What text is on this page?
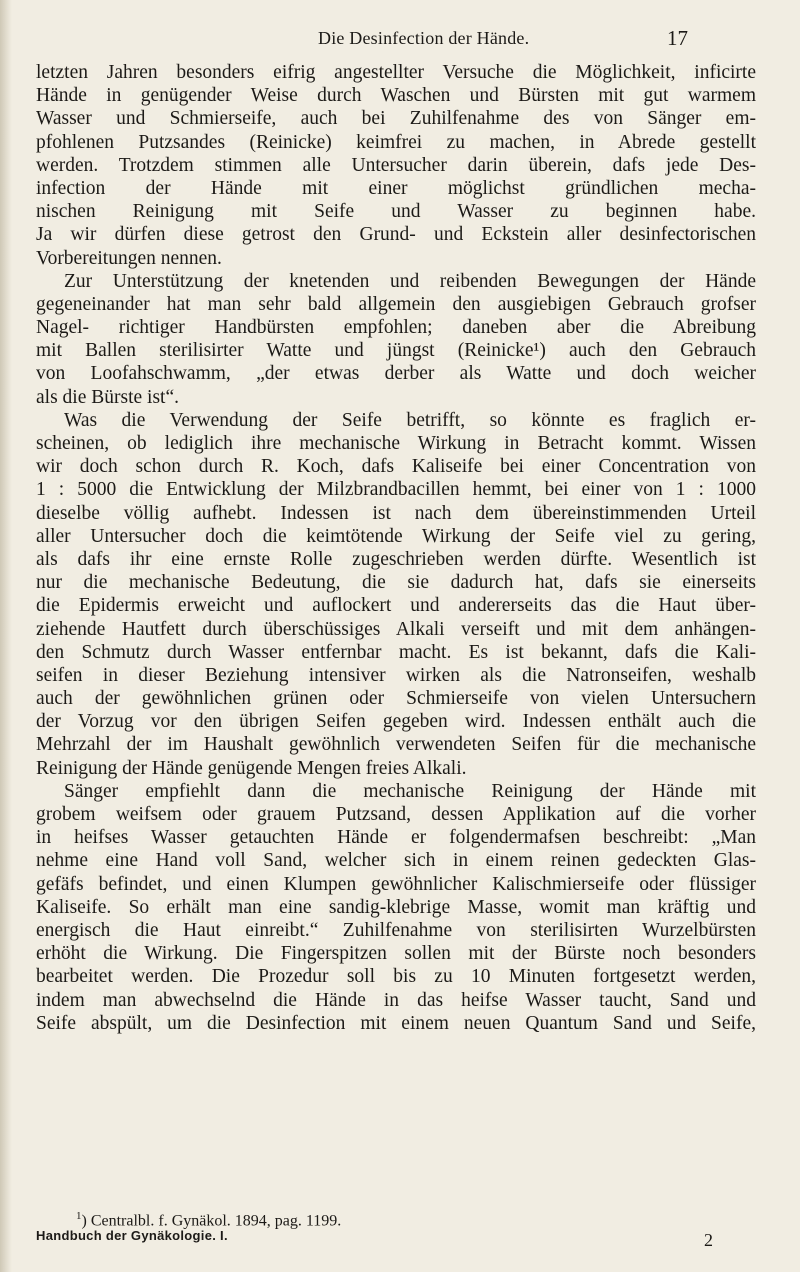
Die Desinfection der Hände.	17
letzten Jahren besonders eifrig angestellter Versuche die Möglichkeit, inficirte
Hände in genügender Weise durch Waschen und Bürsten mit gut warmem
Wasser und Schmierseife, auch bei Zuhilfenahme des von Sänger em-
pfohlenen Putzsandes (Reinicke) keimfrei zu machen, in Abrede gestellt
werden. Trotzdem stimmen alle Untersucher darin überein, dafs jede Des-
infection der Hände mit einer möglichst gründlichen mecha-
nischen Reinigung mit Seife und Wasser zu beginnen habe.
Ja wir dürfen diese getrost den Grund- und Eckstein aller desinfectorischen
Vorbereitungen nennen.
Zur Unterstützung der knetenden und reibenden Bewegungen der Hände
gegeneinander hat man sehr bald allgemein den ausgiebigen Gebrauch grofser
Nagel- richtiger Handbürsten empfohlen; daneben aber die Abreibung
mit Ballen sterilisirter Watte und jüngst (Reinicke¹) auch den Gebrauch
von Loofahschwamm, „der etwas derber als Watte und doch weicher
als die Bürste ist“.
Was die Verwendung der Seife betrifft, so könnte es fraglich er-
scheinen, ob lediglich ihre mechanische Wirkung in Betracht kommt. Wissen
wir doch schon durch R. Koch, dafs Kaliseife bei einer Concentration von
1 : 5000 die Entwicklung der Milzbrandbacillen hemmt, bei einer von 1 : 1000
dieselbe völlig aufhebt. Indessen ist nach dem übereinstimmenden Urteil
aller Untersucher doch die keimtötende Wirkung der Seife viel zu gering,
als dafs ihr eine ernste Rolle zugeschrieben werden dürfte. Wesentlich ist
nur die mechanische Bedeutung, die sie dadurch hat, dafs sie einerseits
die Epidermis erweicht und auflockert und andererseits das die Haut über-
ziehende Hautfett durch überschüssiges Alkali verseift und mit dem anhängen-
den Schmutz durch Wasser entfernbar macht. Es ist bekannt, dafs die Kali-
seifen in dieser Beziehung intensiver wirken als die Natronseifen, weshalb
auch der gewöhnlichen grünen oder Schmierseife von vielen Untersuchern
der Vorzug vor den übrigen Seifen gegeben wird. Indessen enthält auch die
Mehrzahl der im Haushalt gewöhnlich verwendeten Seifen für die mechanische
Reinigung der Hände genügende Mengen freies Alkali.
Sänger empfiehlt dann die mechanische Reinigung der Hände mit
grobem weifsem oder grauem Putzsand, dessen Applikation auf die vorher
in heifses Wasser getauchten Hände er folgendermafsen beschreibt: „Man
nehme eine Hand voll Sand, welcher sich in einem reinen gedeckten Glas-
gefäfs befindet, und einen Klumpen gewöhnlicher Kalischmierseife oder flüssiger
Kaliseife. So erhält man eine sandig-klebrige Masse, womit man kräftig und
energisch die Haut einreibt.“ Zuhilfenahme von sterilisirten Wurzelbürsten
erhöht die Wirkung. Die Fingerspitzen sollen mit der Bürste noch besonders
bearbeitet werden. Die Prozedur soll bis zu 10 Minuten fortgesetzt werden,
indem man abwechselnd die Hände in das heifse Wasser taucht, Sand und
Seife abspült, um die Desinfection mit einem neuen Quantum Sand und Seife,
$^1$) Centralbl. f. Gynäkol. 1894, pag. 1199.
Handbuch der Gynäkologie. I.	2
